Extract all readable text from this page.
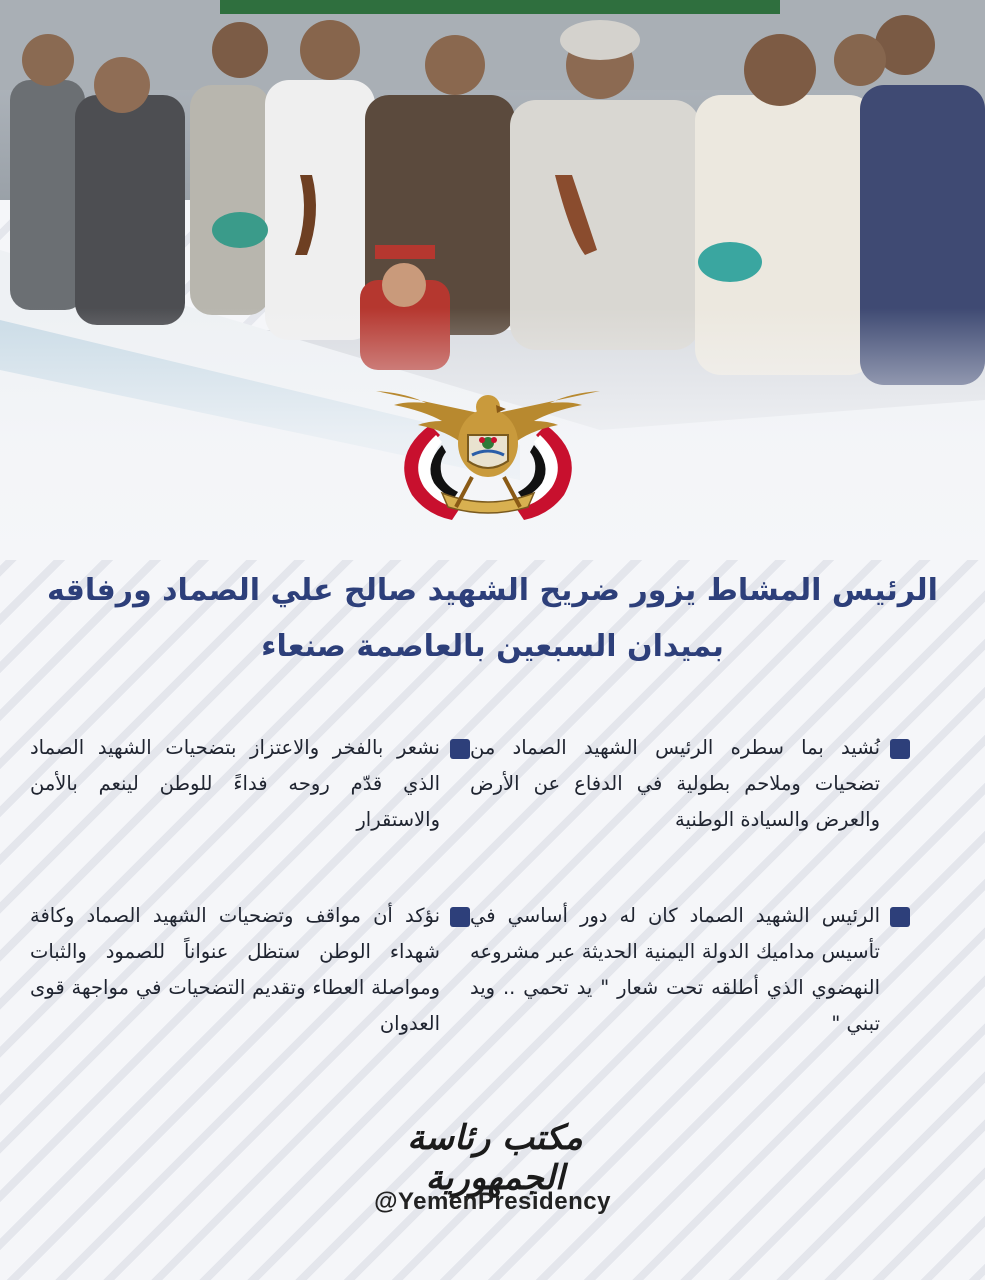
الرئيس المشاط يزور ضريح الشهيد صالح علي الصماد ورفاقه
بميدان السبعين بالعاصمة صنعاء
نُشيد بما سطره الرئيس الشهيد الصماد من تضحيات وملاحم بطولية في الدفاع عن الأرض والعرض والسيادة الوطنية
نشعر بالفخر والاعتزاز بتضحيات الشهيد الصماد الذي قدّم روحه فداءً للوطن لينعم بالأمن والاستقرار
الرئيس الشهيد الصماد كان له دور أساسي في تأسيس مداميك الدولة اليمنية الحديثة عبر مشروعه النهضوي الذي أطلقه تحت شعار " يد تحمي .. ويد تبني "
نؤكد أن مواقف وتضحيات الشهيد الصماد وكافة شهداء الوطن ستظل عنواناً للصمود والثبات ومواصلة العطاء وتقديم التضحيات في مواجهة قوى العدوان
مكتب رئاسة الجمهورية
@YemenPresidency
